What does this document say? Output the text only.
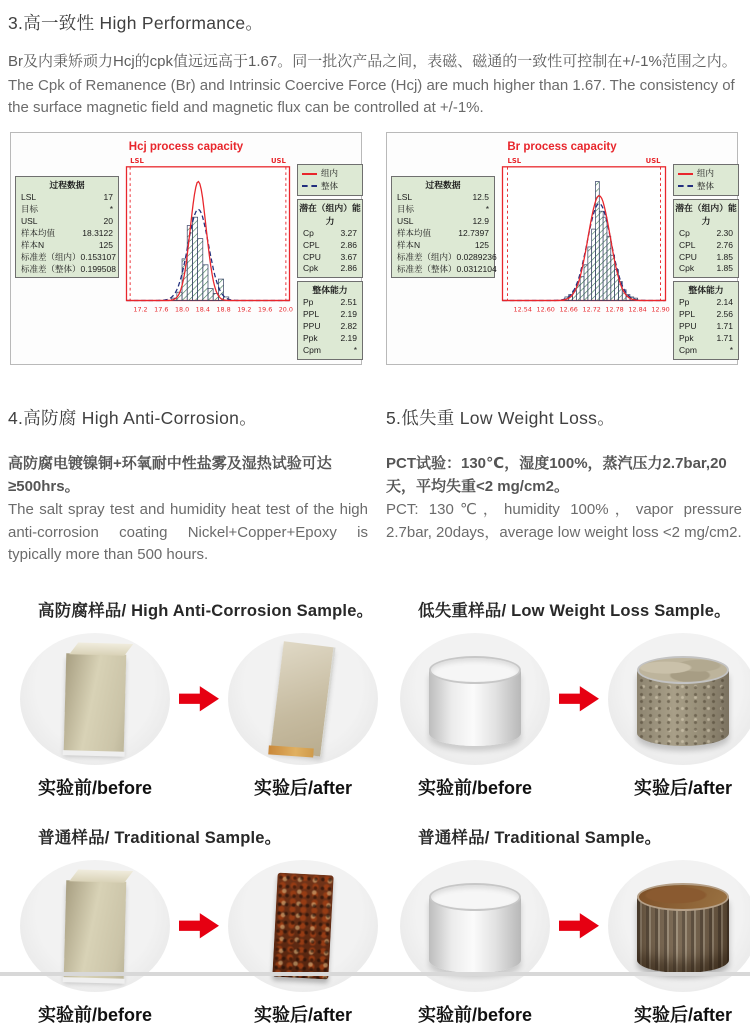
3.高一致性 High Performance。

Br及内秉矫顽力Hcj的cpk值远远高于1.67。同一批次产品之间，表磁、磁通的一致性可控制在+/-1%范围之内。

The Cpk of Remanence (Br) and Intrinsic Coercive Force (Hcj) are much higher than 1.67. The consistency of the surface magnetic field and magnetic flux can be controlled at +/-1%.

Hcj process capacity
过程数据
LSL	17
目标	*
USL	20
样本均值	18.3122
样本N	125
标准差（组内） 0.153107
标准差（整体） 0.199508
LSL	USL
17.2 17.6 18.0 18.4 18.8 19.2 19.6 20.0
组内
整体
潜在（组内）能力
Cp	3.27
CPL 2.86
CPU 3.67
Cpk	2.86
整体能力
Pp	2.51
PPL	2.19
PPU 2.82
Ppk	2.19
Cpm	*
Br process capacity
过程数据
LSL	12.5
目标	*
USL	12.9
样本均值	12.7397
样本N	125
标准差（组内） 0.0289236
标准差（整体） 0.0312104
LSL	USL
12.54 12.60 12.66 12.72 12.78 12.84 12.90
组内
整体
潜在（组内）能力
Cp	2.30
CPL 2.76
CPU 1.85
Cpk	1.85
整体能力
Pp	2.14
PPL	2.56
PPU 1.71
Ppk	1.71
Cpm	*
4.高防腐 High Anti-Corrosion。

高防腐电镀镍铜+环氧耐中性盐雾及湿热试验可达≥500hrs。

The salt spray test and humidity heat test of the high anti-corrosion coating Nickel+Copper+Epoxy is typically more than 500 hours.

5.低失重 Low Weight Loss。

PCT试验：130℃，湿度100%，蒸汽压力2.7bar,20天，平均失重<2 mg/cm2。

PCT: 130℃，humidity 100%，vapor pressure 2.7bar, 20days，average low weight loss <2 mg/cm2.

高防腐样品/ High Anti-Corrosion Sample。
实验前/before	实验后/after
低失重样品/ Low Weight Loss Sample。
实验前/before	实验后/after
普通样品/ Traditional Sample。
实验前/before	实验后/after
普通样品/ Traditional Sample。
实验前/before	实验后/after
